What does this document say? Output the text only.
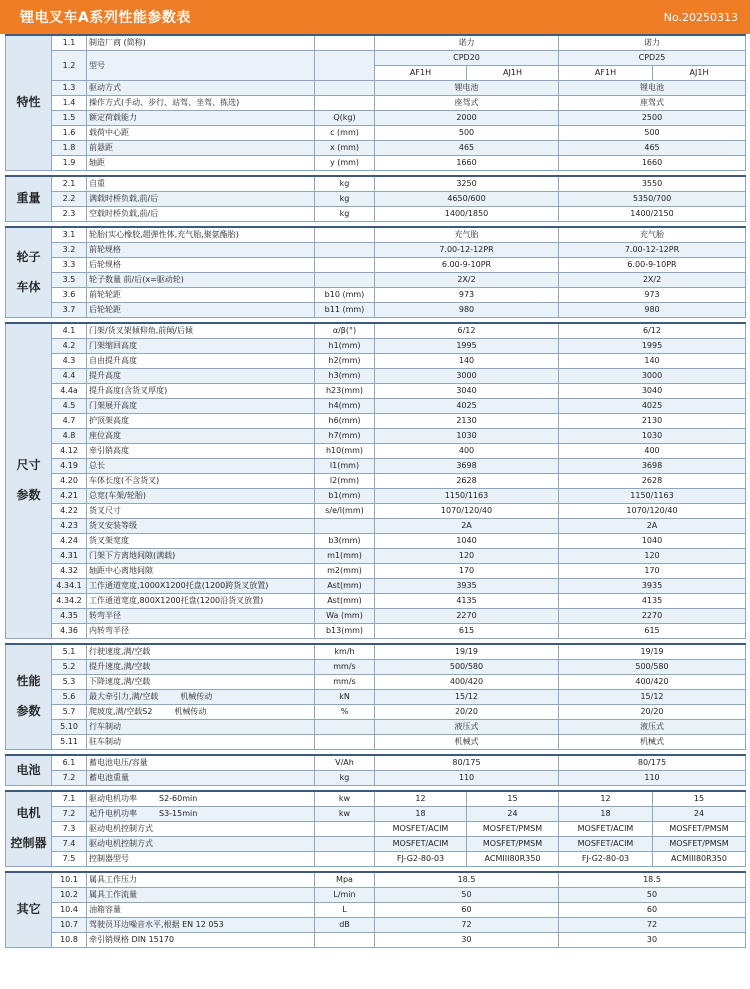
锂电叉车A系列性能参数表	No.20250313
特性	1.1	制造厂商 (简称)		诺力		诺力	
	1.2	型号		CPD20		CPD25	
				AF1H	AJ1H	AF1H	AJ1H
	1.3	驱动方式		锂电池		锂电池	
	1.4	操作方式(手动、步行、站驾、坐驾、拣选)		座驾式		座驾式	
	1.5	额定荷载能力	Q(kg)	2000		2500	
	1.6	载荷中心距	c (mm)	500		500	
	1.8	前悬距	x (mm)	465		465	
	1.9	轴距	y (mm)	1660		1660	

重量	2.1	自重	kg	3250		3550	
	2.2	满载时桥负载,前/后	kg	4650/600		5350/700	
	2.3	空载时桥负载,前/后	kg	1400/1850		1400/2150	

轮子
车体	3.1	轮胎(实心橡胶,超弹性体,充气胎,聚氨酯胎)		充气胎		充气胎	
	3.2	前轮规格		7.00-12-12PR		7.00-12-12PR	
	3.3	后轮规格		6.00-9-10PR		6.00-9-10PR	
	3.5	轮子数量 前/后(x=驱动轮)		2X/2		2X/2	
	3.6	前轮轮距	b10 (mm)	973		973	
	3.7	后轮轮距	b11 (mm)	980		980	

尺寸
参数	4.1	门架/货叉架倾仰角,前倾/后倾	α/β(°)	6/12		6/12	
	4.2	门架缩回高度	h1(mm)	1995		1995	
	4.3	自由提升高度	h2(mm)	140		140	
	4.4	提升高度	h3(mm)	3000		3000	
	4.4a	提升高度(含货叉厚度)	h23(mm)	3040		3040	
	4.5	门架展开高度	h4(mm)	4025		4025	
	4.7	护顶架高度	h6(mm)	2130		2130	
	4.8	座位高度	h7(mm)	1030		1030	
	4.12	牵引销高度	h10(mm)	400		400	
	4.19	总长	l1(mm)	3698		3698	
	4.20	车体长度(不含货叉)	l2(mm)	2628		2628	
	4.21	总宽(车架/轮胎)	b1(mm)	1150/1163		1150/1163	
	4.22	货叉尺寸	s/e/l(mm)	1070/120/40		1070/120/40	
	4.23	货叉安装等级		2A		2A	
	4.24	货叉架宽度	b3(mm)	1040		1040	
	4.31	门架下方离地间隙(满载)	m1(mm)	120		120	
	4.32	轴距中心离地间隙	m2(mm)	170		170	
	4.34.1	工作通道宽度,1000X1200托盘(1200跨货叉放置)	Ast(mm)	3935		3935	
	4.34.2	工作通道宽度,800X1200托盘(1200沿货叉放置)	Ast(mm)	4135		4135	
	4.35	转弯半径	Wa (mm)	2270		2270	
	4.36	内转弯半径	b13(mm)	615		615	

性能
参数	5.1	行驶速度,满/空载	km/h	19/19		19/19	
	5.2	提升速度,满/空载	mm/s	500/580		500/580	
	5.3	下降速度,满/空载	mm/s	400/420		400/420	
	5.6	最大牵引力,满/空载 机械传动	kN	15/12		15/12	
	5.7	爬坡度,满/空载S2 机械传动	%	20/20		20/20	
	5.10	行车制动		液压式		液压式	
	5.11	驻车制动		机械式		机械式	

电池	6.1	蓄电池电压/容量	V/Ah	80/175		80/175	
	7.2	蓄电池重量	kg	110		110	

电机
控制器	7.1	驱动电机功率 S2-60min	kw	12	15	12	15
	7.2	起升电机功率 S3-15min	kw	18	24	18	24
	7.3	驱动电机控制方式		MOSFET/ACIM	MOSFET/PMSM	MOSFET/ACIM	MOSFET/PMSM
	7.4	驱动电机控制方式		MOSFET/ACIM	MOSFET/PMSM	MOSFET/ACIM	MOSFET/PMSM
	7.5	控制器型号		FJ-G2-80-03	ACMIII80R350	FJ-G2-80-03	ACMIII80R350

其它	10.1	属具工作压力	Mpa	18.5		18.5	
	10.2	属具工作流量	L/min	50		50	
	10.4	油箱容量	L	60		60	
	10.7	驾驶员耳边噪音水平,根据 EN 12 053	dB	72		72	
	10.8	牵引销规格 DIN 15170		30		30	
